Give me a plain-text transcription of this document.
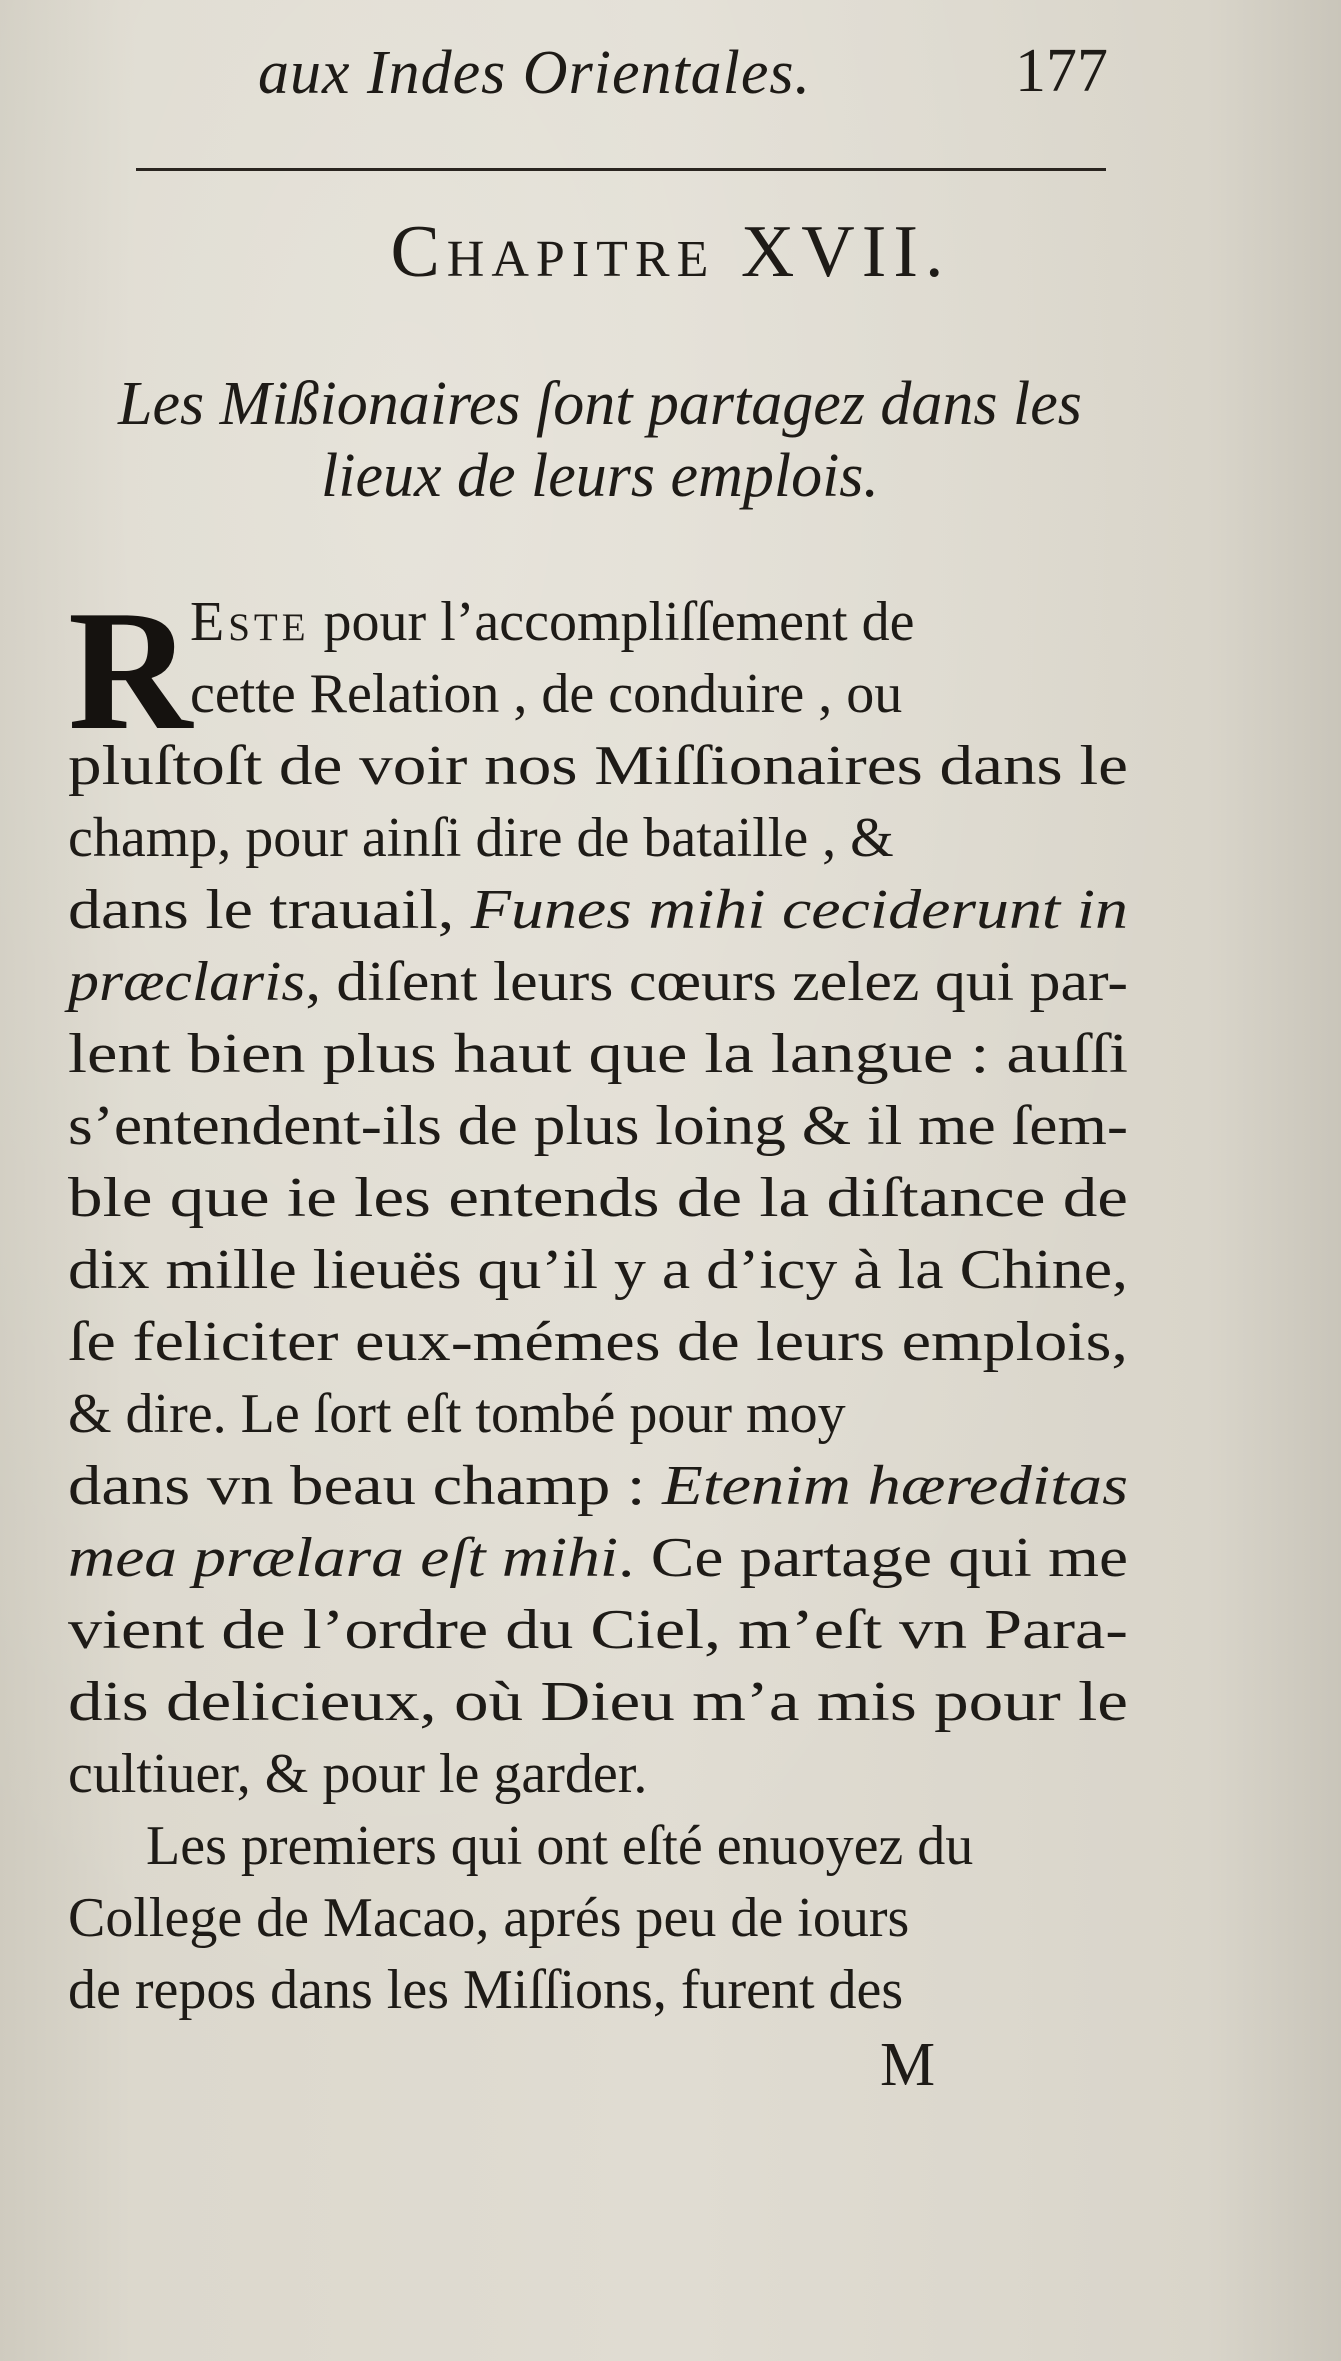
aux Indes Orientales.	177
Chapitre XVII.
Les Mißionaires ſont partagez dans les
lieux de leurs emplois.
R
Este pour l’accompliſſement de
cette Relation , de conduire , ou
pluſtoſt de voir nos Miſſionaires dans le
champ, pour ainſi dire de bataille , &
dans le trauail, Funes mihi ceciderunt in
præclaris, diſent leurs cœurs zelez qui par-
lent bien plus haut que la langue : auſſi
s’entendent-ils de plus loing & il me ſem-
ble que ie les entends de la diſtance de
dix mille lieuës qu’il y a d’icy à la Chine,
ſe feliciter eux-mémes de leurs emplois,
& dire. Le ſort eſt tombé pour moy
dans vn beau champ : Etenim hæreditas
mea prælara eſt mihi. Ce partage qui me
vient de l’ordre du Ciel, m’eſt vn Para-
dis delicieux, où Dieu m’a mis pour le
cultiuer, & pour le garder.
Les premiers qui ont eſté enuoyez du
College de Macao, aprés peu de iours
de repos dans les Miſſions, furent des
M
